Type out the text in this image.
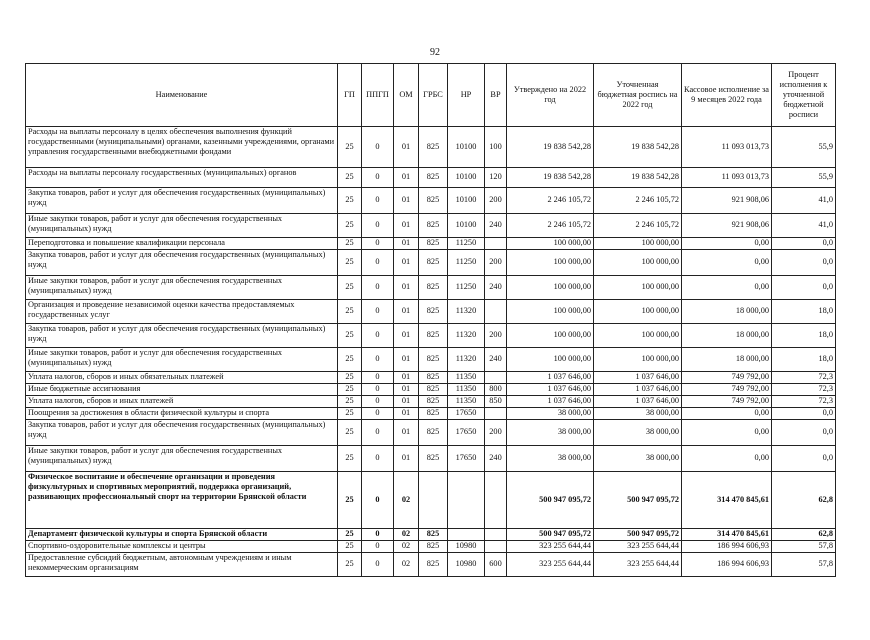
92
Наименование	ГП	ППГП	ОМ	ГРБС	НР	ВР	Утверждено на 2022 год	Уточненная бюджетная роспись на 2022 год	Кассовое исполнение за 9 месяцев 2022 года	Процент исполнения к уточненной бюджетной росписи
Расходы на выплаты персоналу в целях обеспечения выполнения функций государственными (муниципальными) органами, казенными учреждениями, органами управления государственными внебюджетными фондами	25	0	01	825	10100	100	19 838 542,28	19 838 542,28	11 093 013,73	55,9
Расходы на выплаты персоналу государственных (муниципальных) органов	25	0	01	825	10100	120	19 838 542,28	19 838 542,28	11 093 013,73	55,9
Закупка товаров, работ и услуг для обеспечения государственных (муниципальных) нужд	25	0	01	825	10100	200	2 246 105,72	2 246 105,72	921 908,06	41,0
Иные закупки товаров, работ и услуг для обеспечения государственных (муниципальных) нужд	25	0	01	825	10100	240	2 246 105,72	2 246 105,72	921 908,06	41,0
Переподготовка и повышение квалификации персонала	25	0	01	825	11250		100 000,00	100 000,00	0,00	0,0
Закупка товаров, работ и услуг для обеспечения государственных (муниципальных) нужд	25	0	01	825	11250	200	100 000,00	100 000,00	0,00	0,0
Иные закупки товаров, работ и услуг для обеспечения государственных (муниципальных) нужд	25	0	01	825	11250	240	100 000,00	100 000,00	0,00	0,0
Организация и проведение независимой оценки качества предоставляемых государственных услуг	25	0	01	825	11320		100 000,00	100 000,00	18 000,00	18,0
Закупка товаров, работ и услуг для обеспечения государственных (муниципальных) нужд	25	0	01	825	11320	200	100 000,00	100 000,00	18 000,00	18,0
Иные закупки товаров, работ и услуг для обеспечения государственных (муниципальных) нужд	25	0	01	825	11320	240	100 000,00	100 000,00	18 000,00	18,0
Уплата налогов, сборов и иных обязательных платежей	25	0	01	825	11350		1 037 646,00	1 037 646,00	749 792,00	72,3
Иные бюджетные ассигнования	25	0	01	825	11350	800	1 037 646,00	1 037 646,00	749 792,00	72,3
Уплата налогов, сборов и иных платежей	25	0	01	825	11350	850	1 037 646,00	1 037 646,00	749 792,00	72,3
Поощрения за достижения в области физической культуры и спорта	25	0	01	825	17650		38 000,00	38 000,00	0,00	0,0
Закупка товаров, работ и услуг для обеспечения государственных (муниципальных) нужд	25	0	01	825	17650	200	38 000,00	38 000,00	0,00	0,0
Иные закупки товаров, работ и услуг для обеспечения государственных (муниципальных) нужд	25	0	01	825	17650	240	38 000,00	38 000,00	0,00	0,0
Физическое воспитание и обеспечение организации и проведения физкультурных и спортивных мероприятий, поддержка организаций, развивающих профессиональный спорт на территории Брянской области	25	0	02				500 947 095,72	500 947 095,72	314 470 845,61	62,8
Департамент физической культуры и спорта Брянской области	25	0	02	825			500 947 095,72	500 947 095,72	314 470 845,61	62,8
Спортивно-оздоровительные комплексы и центры	25	0	02	825	10980		323 255 644,44	323 255 644,44	186 994 606,93	57,8
Предоставление субсидий бюджетным, автономным учреждениям и иным некоммерческим организациям	25	0	02	825	10980	600	323 255 644,44	323 255 644,44	186 994 606,93	57,8
